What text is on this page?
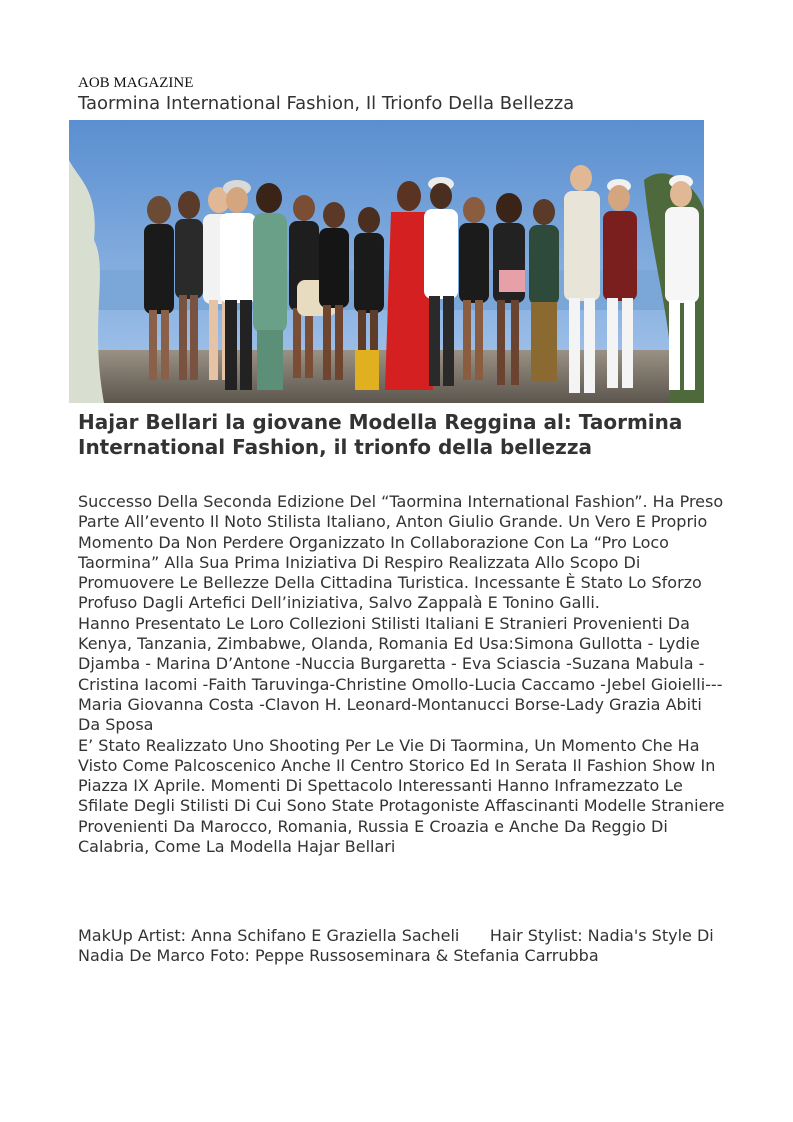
AOB MAGAZINE
Taormina International Fashion, Il Trionfo Della Bellezza
Hajar Bellari la giovane Modella Reggina al: Taormina International Fashion, il trionfo della bellezza

Successo Della Seconda Edizione Del “Taormina International Fashion”. Ha Preso Parte All’evento Il Noto Stilista Italiano, Anton Giulio Grande. Un Vero E Proprio Momento Da Non Perdere Organizzato In Collaborazione Con La “Pro Loco Taormina” Alla Sua Prima Iniziativa Di Respiro Realizzata Allo Scopo Di Promuovere Le Bellezze Della Cittadina Turistica. Incessante È Stato Lo Sforzo Profuso Dagli Artefici Dell’iniziativa, Salvo Zappalà E Tonino Galli.

Hanno Presentato Le Loro Collezioni Stilisti Italiani E Stranieri Provenienti Da Kenya, Tanzania, Zimbabwe, Olanda, Romania Ed Usa:Simona Gullotta - Lydie Djamba - Marina D’Antone -Nuccia Burgaretta - Eva Sciascia -Suzana Mabula -Cristina Iacomi -Faith Taruvinga-Christine Omollo-Lucia Caccamo -Jebel Gioielli---Maria Giovanna Costa -Clavon H. Leonard-Montanucci Borse-Lady Grazia Abiti Da Sposa

E’ Stato Realizzato Uno Shooting Per Le Vie Di Taormina, Un Momento Che Ha Visto Come Palcoscenico Anche Il Centro Storico Ed In Serata Il Fashion Show In Piazza IX Aprile. Momenti Di Spettacolo Interessanti Hanno Inframezzato Le Sfilate Degli Stilisti Di Cui Sono State Protagoniste Affascinanti Modelle Straniere Provenienti Da Marocco, Romania, Russia E Croazia e Anche Da Reggio Di Calabria, Come La Modella Hajar Bellari

MakUp Artist: Anna Schifano E Graziella Sacheli      Hair Stylist: Nadia's Style Di Nadia De Marco Foto: Peppe Russoseminara & Stefania Carrubba
